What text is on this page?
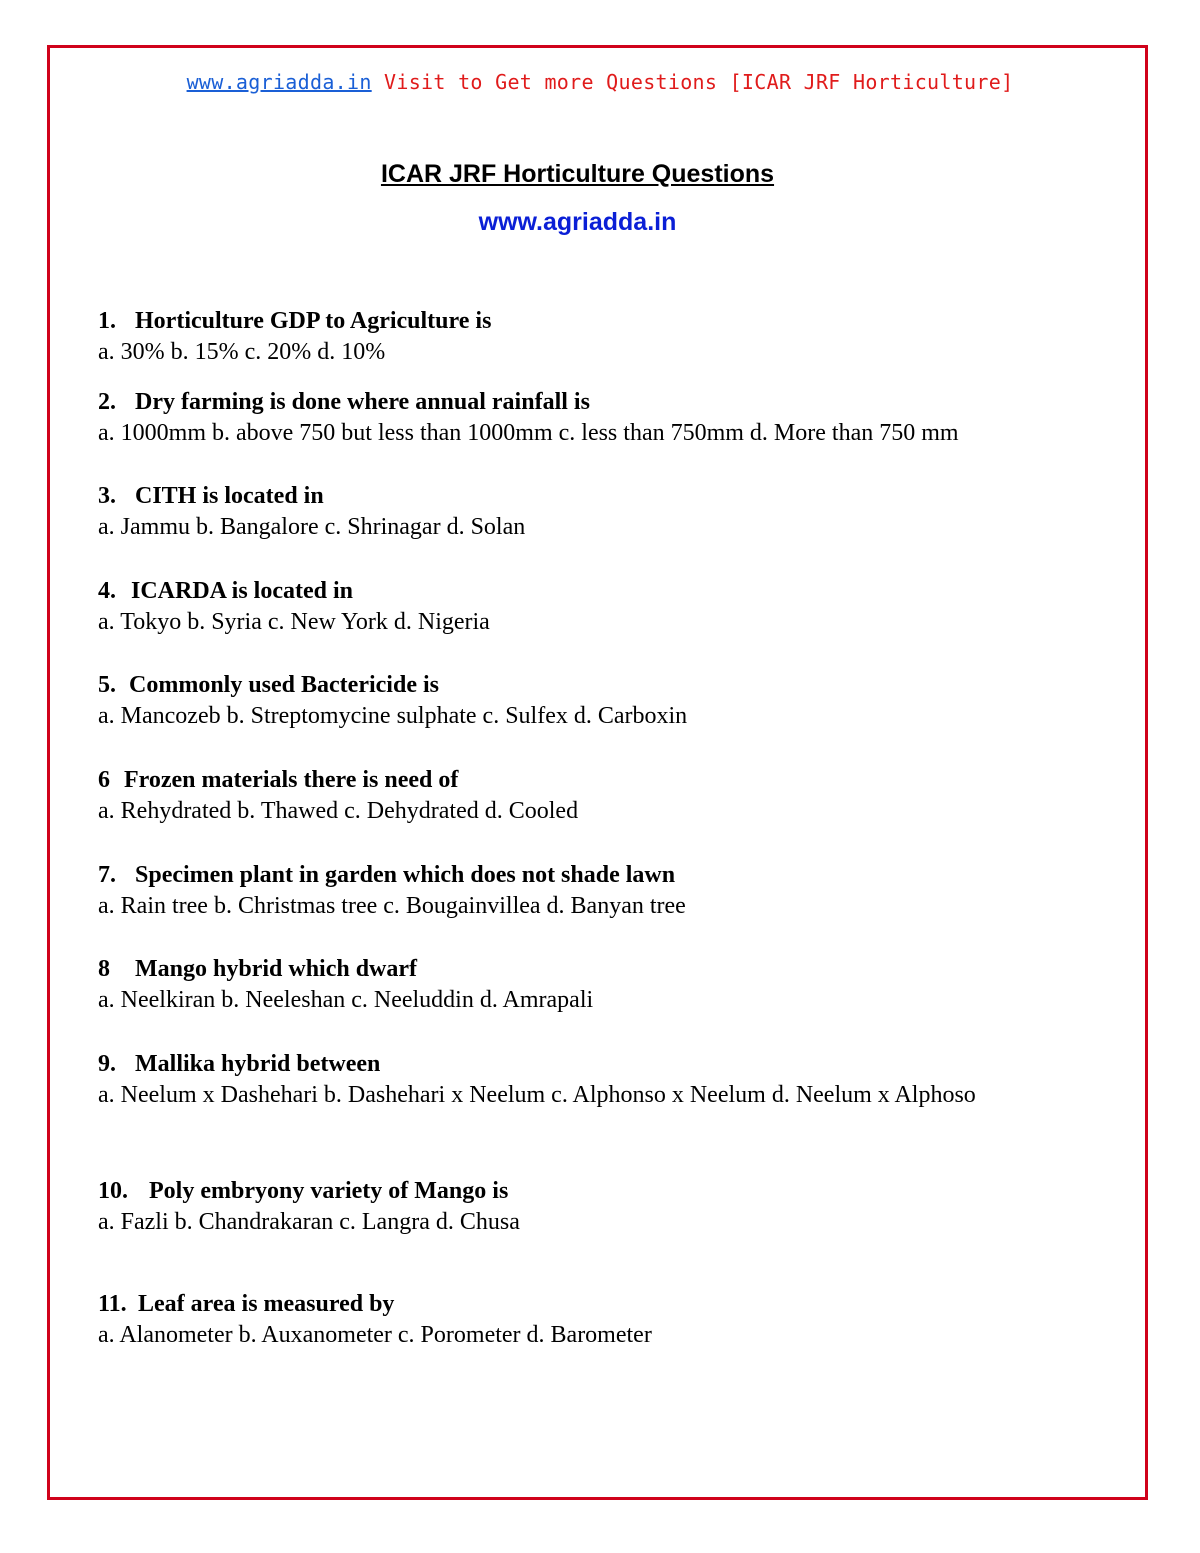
www.agriadda.in Visit to Get more Questions [ICAR JRF Horticulture]
ICAR JRF Horticulture Questions
www.agriadda.in
1. Horticulture GDP to Agriculture is
a. 30% b. 15% c. 20% d. 10%
2. Dry farming is done where annual rainfall is
a. 1000mm b. above 750 but less than 1000mm c. less than 750mm d. More than 750 mm
3. CITH is located in
a. Jammu b. Bangalore c. Shrinagar d. Solan
4. ICARDA is located in
a. Tokyo b. Syria c. New York d. Nigeria
5. Commonly used Bactericide is
a. Mancozeb b. Streptomycine sulphate c. Sulfex d. Carboxin
6 Frozen materials there is need of
a. Rehydrated b. Thawed c. Dehydrated d. Cooled
7. Specimen plant in garden which does not shade lawn
a. Rain tree b. Christmas tree c. Bougainvillea d. Banyan tree
8 Mango hybrid which dwarf
a. Neelkiran b. Neeleshan c. Neeluddin d. Amrapali
9. Mallika hybrid between
a. Neelum x Dashehari b. Dashehari x Neelum c. Alphonso x Neelum d. Neelum x Alphoso
10. Poly embryony variety of Mango is
a. Fazli b. Chandrakaran c. Langra d. Chusa
11. Leaf area is measured by
a. Alanometer b. Auxanometer c. Porometer d. Barometer
